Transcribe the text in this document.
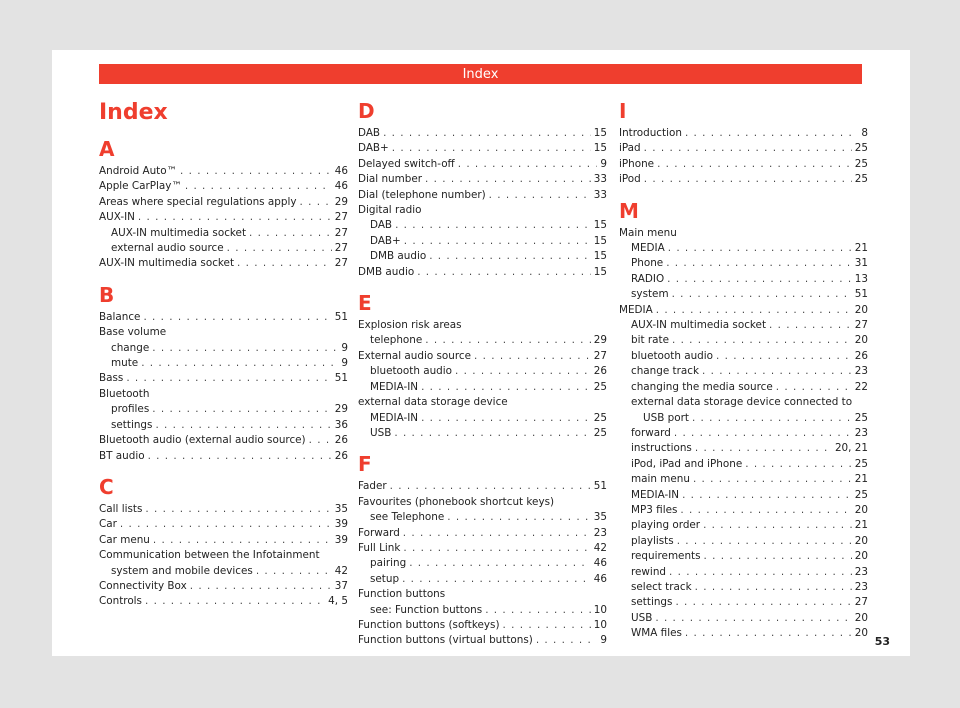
Index
Index
A
Android Auto™ . . .	46
Apple CarPlay™ . . .	46
Areas where special regulations apply . . .	29
AUX-IN . . .	27
AUX-IN multimedia socket . . .	27
external audio source . . .	27
AUX-IN multimedia socket . . .	27
B
Balance . . .	51
Base volume
change . . .	9
mute . . .	9
Bass . . .	51
Bluetooth
profiles . . .	29
settings . . .	36
Bluetooth audio (external audio source) . . .	26
BT audio . . .	26
C
Call lists . . .	35
Car . . .	39
Car menu . . .	39
Communication between the Infotainment
system and mobile devices . . .	42
Connectivity Box . . .	37
Controls . . .	4, 5
D
DAB . . .	15
DAB+ . . .	15
Delayed switch-off . . .	9
Dial number . . .	33
Dial (telephone number) . . .	33
Digital radio
DAB . . .	15
DAB+ . . .	15
DMB audio . . .	15
DMB audio . . .	15
E
Explosion risk areas
telephone . . .	29
External audio source . . .	27
bluetooth audio . . .	26
MEDIA-IN . . .	25
external data storage device
MEDIA-IN . . .	25
USB . . .	25
F
Fader . . .	51
Favourites (phonebook shortcut keys)
see Telephone . . .	35
Forward . . .	23
Full Link . . .	42
pairing . . .	46
setup . . .	46
Function buttons
see: Function buttons . . .	10
Function buttons (softkeys) . . .	10
Function buttons (virtual buttons) . . .	9
I
Introduction . . .	8
iPad . . .	25
iPhone . . .	25
iPod . . .	25
M
Main menu
MEDIA . . .	21
Phone . . .	31
RADIO . . .	13
system . . .	51
MEDIA . . .	20
AUX-IN multimedia socket . . .	27
bit rate . . .	20
bluetooth audio . . .	26
change track . . .	23
changing the media source . . .	22
external data storage device connected to
USB port . . .	25
forward . . .	23
instructions . . .	20, 21
iPod, iPad and iPhone . . .	25
main menu . . .	21
MEDIA-IN . . .	25
MP3 files . . .	20
playing order . . .	21
playlists . . .	20
requirements . . .	20
rewind . . .	23
select track . . .	23
settings . . .	27
USB . . .	20
WMA files . . .	20
53
